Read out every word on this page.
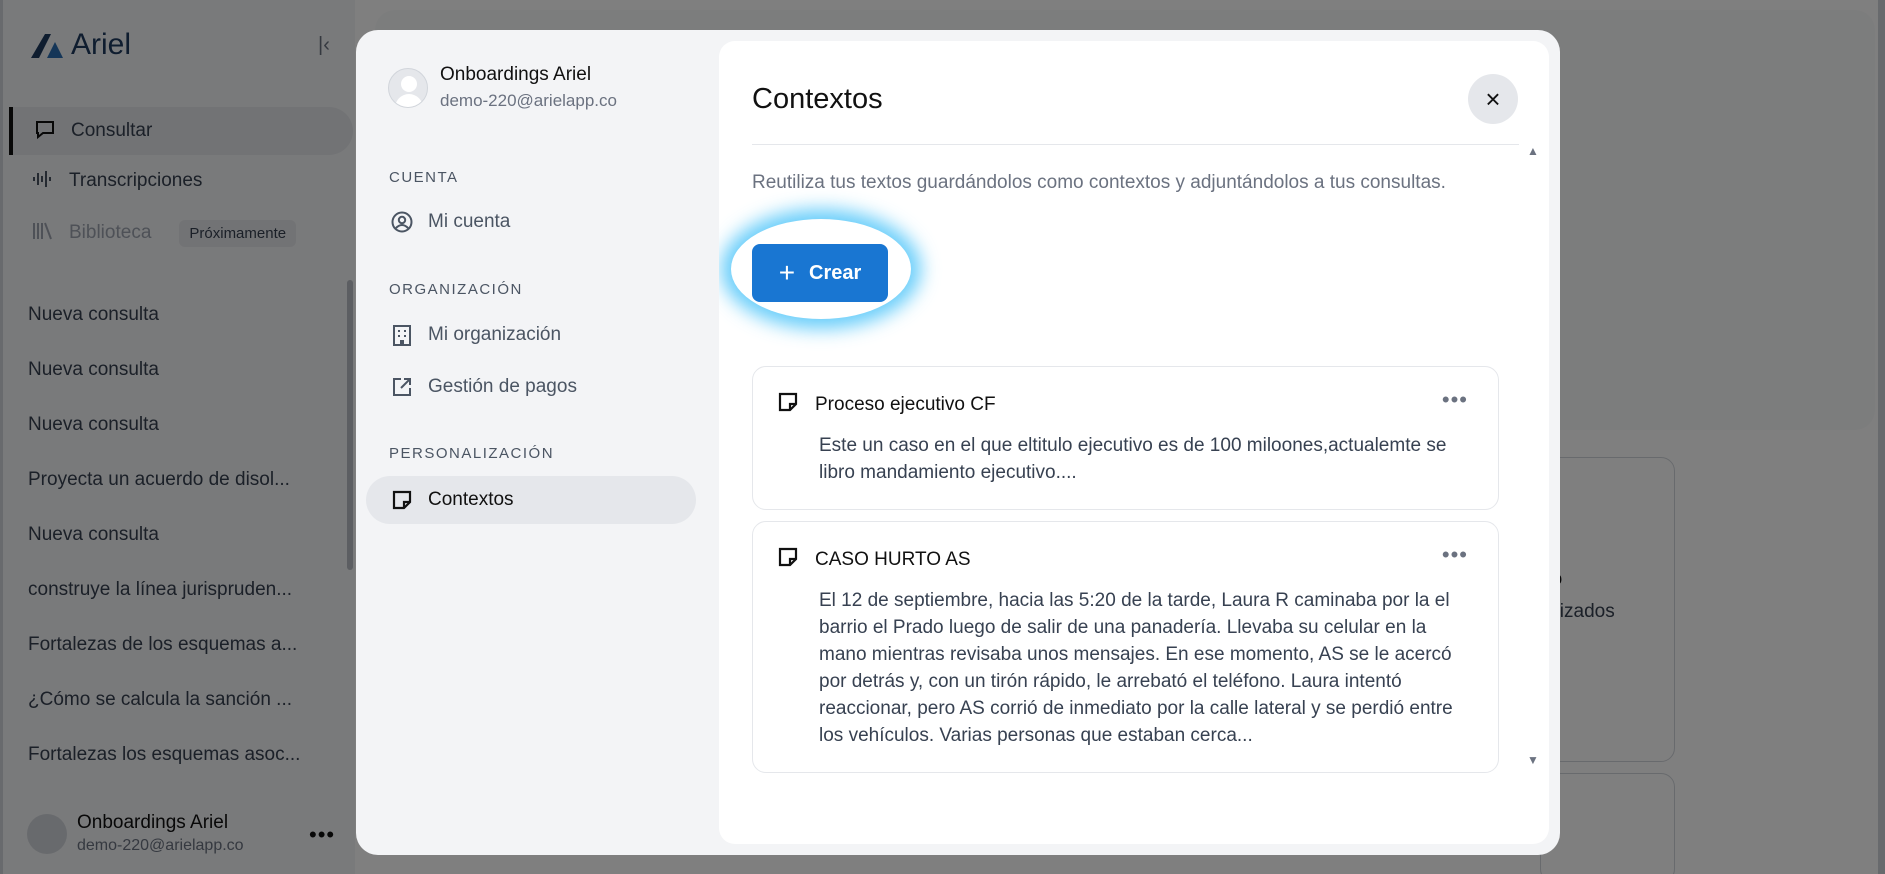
Onboardings Ariel
demo-220@arielapp.co
CUENTA
Mi cuenta
ORGANIZACIÓN
Mi organización
Gestión de pagos
PERSONALIZACIÓN
Contextos
Contextos	×
Reutiliza tus textos guardándolos como contextos y adjuntándolos a tus consultas.
+ Crear
Proceso ejecutivo CF	•••
Este un caso en el que eltitulo ejecutivo es de 100 miloones,actualemte se libro mandamiento ejecutivo....
CASO HURTO AS	•••
El 12 de septiembre, hacia las 5:20 de la tarde, Laura R caminaba por la el barrio el Prado luego de salir de una panadería. Llevaba su celular en la mano mientras revisaba unos mensajes. En ese momento, AS se le acercó por detrás y, con un tirón rápido, le arrebató el teléfono. Laura intentó reaccionar, pero AS corrió de inmediato por la calle lateral y se perdió entre los vehículos. Varias personas que estaban cerca...
▲
▼
